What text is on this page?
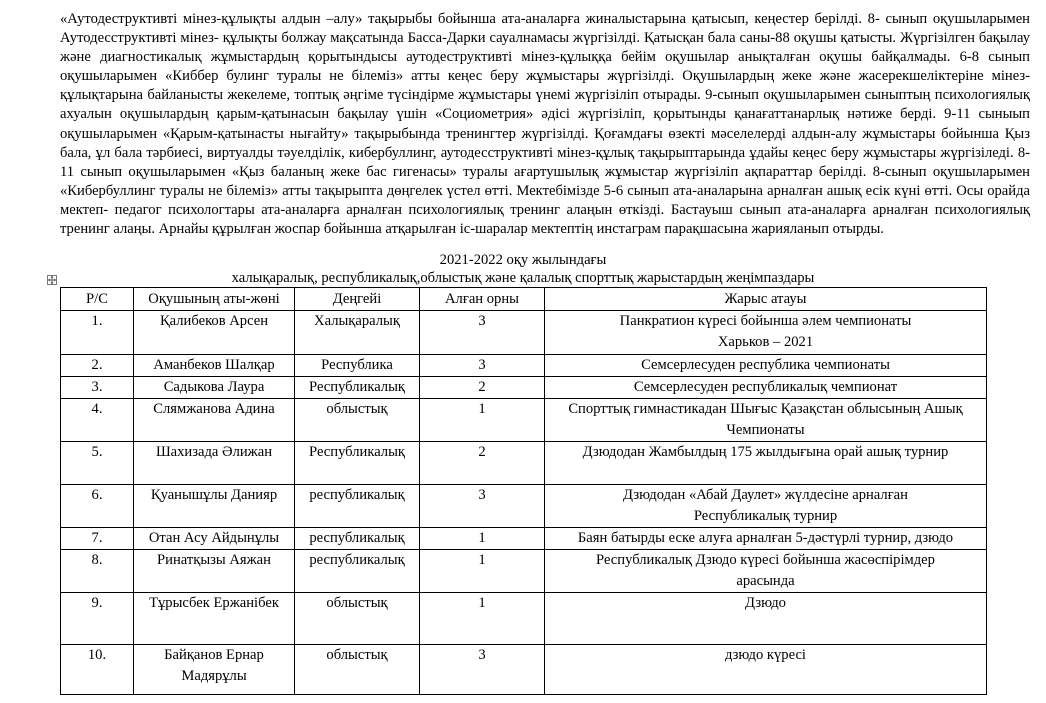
«Аутодеструктивті мінез-құлықты алдын –алу» тақырыбы бойынша ата-аналарға жиналыстарына қатысып, кеңестер берілді. 8- сынып оқушыларымен Аутодесструктивті мінез- құлықты болжау мақсатында Басса-Дарки сауалнамасы жүргізілді. Қатысқан бала саны-88 оқушы қатысты. Жүргізілген бақылау және диагностикалық жұмыстардың қорытындысы аутодеструктивті мінез-құлыққа бейім оқушылар анықталған оқушы байқалмады. 6-8 сынып оқушыларымен «Киббер булинг туралы не білеміз» атты кеңес беру жұмыстары жүргізілді. Оқушылардың жеке және жасерекшеліктеріне мінез-құлықтарына байланысты жекелеме, топтық әңгіме түсіндірме жұмыстары үнемі жүргізіліп отырады. 9-сынып оқушыларымен сыныптың психологиялық ахуалын оқушылардың қарым-қатынасын бақылау үшін «Социометрия» әдісі жүргізіліп, қорытынды қанағаттанарлық нәтиже берді. 9-11 сыныып оқушыларымен «Қарым-қатынасты нығайту» тақырыбында тренингтер жүргізілді. Қоғамдағы өзекті мәселелерді алдын-алу жұмыстары бойынша Қыз бала, ұл бала тәрбиесі, виртуалды тәуелділік, кибербуллинг, аутодесструктивті мінез-құлық тақырыптарында ұдайы кеңес беру жұмыстары жүргізіледі. 8-11 сынып оқушыларымен «Қыз баланың жеке бас гигенасы» туралы ағартушылық жұмыстар жүргізіліп ақпараттар берілді. 8-сынып оқушыларымен «Кибербуллинг туралы не білеміз» атты тақырыпта дөңгелек үстел өтті. Мектебімізде 5-6 сынып ата-аналарына арналған ашық есік күні өтті. Осы орайда мектеп- педагог психологтары ата-аналарға арналған психологиялық тренинг алаңын өткізді. Бастауыш сынып ата-аналарға арналған психологиялық тренинг алаңы. Арнайы құрылған жоспар бойынша атқарылған іс-шаралар мектептің инстаграм парақшасына жарияланып отырды.

2021-2022 оқу жылындағы
халықаралық, республикалық,облыстық және қалалық спорттық жарыстардың жеңімпаздары
Р/С	Оқушының аты-жөні	Деңгейі	Алған орны	Жарыс атауы
1.	Қалибеков Арсен	Халықаралық	3	Панкратион күресі бойынша әлем чемпионаты Харьков – 2021
2.	Аманбеков Шалқар	Республика	3	Семсерлесуден республика чемпионаты
3.	Садыкова Лаура	Республикалық	2	Семсерлесуден республикалық чемпионат
4.	Слямжанова Адина	облыстық	1	Спорттық гимнастикадан Шығыс Қазақстан облысының Ашық Чемпионаты
5.	Шахизада Әлижан	Республикалық	2	Дзюдодан Жамбылдың 175 жылдығына орай ашық турнир
6.	Қуанышұлы Данияр	республикалық	3	Дзюдодан «Абай Даулет» жүлдесіне арналған Республикалық турнир
7.	Отан Асу Айдынұлы	республикалық	1	Баян батырды еске алуға арналған 5-дәстүрлі турнир, дзюдо
8.	Ринатқызы Аяжан	республикалық	1	Республикалық Дзюдо күресі бойынша жасөспірімдер арасында
9.	Тұрысбек Ержанібек	облыстық	1	Дзюдо
10.	Байқанов Ернар Мадярұлы	облыстық	3	дзюдо күресі
